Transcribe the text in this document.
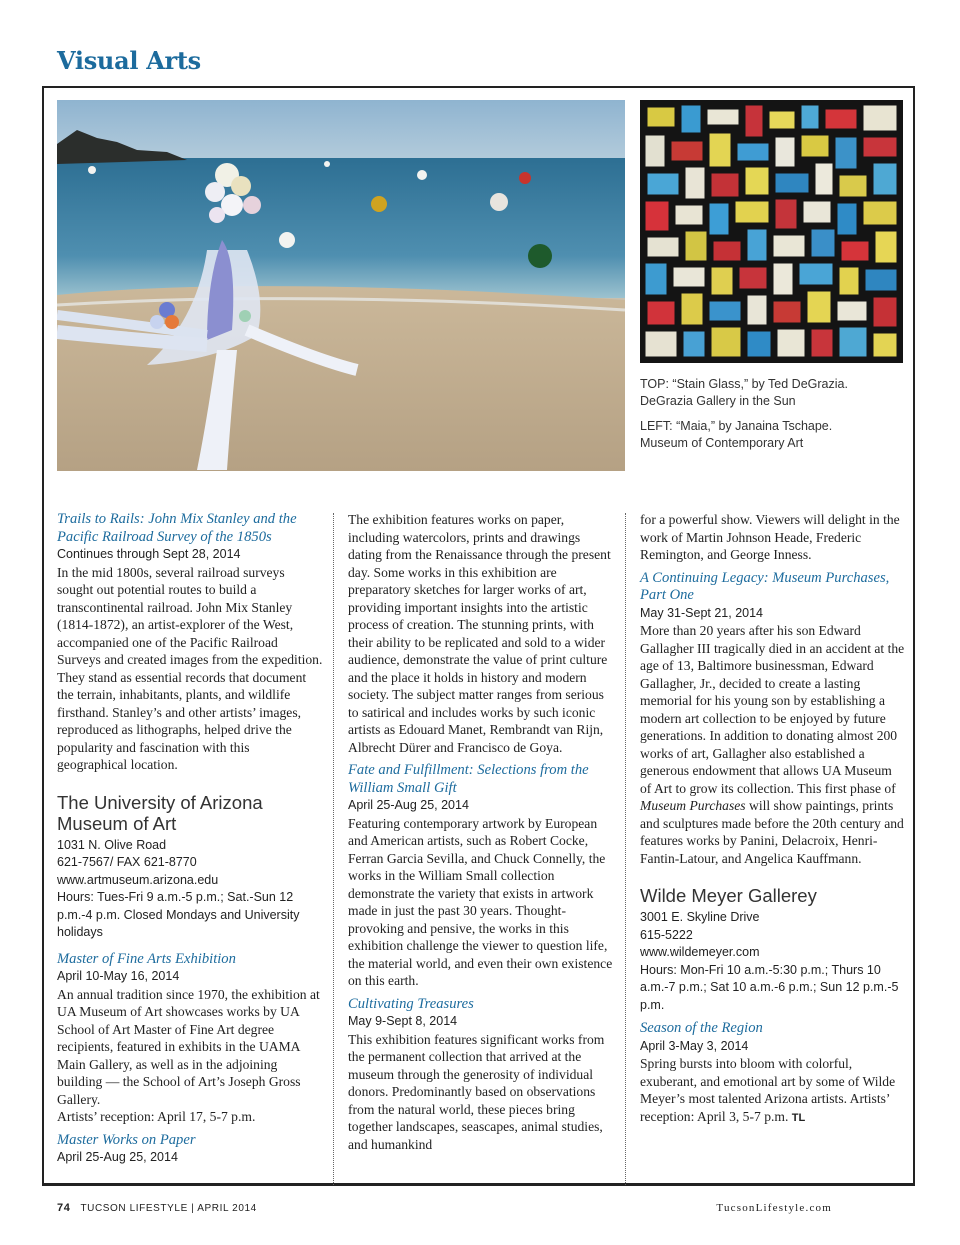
Visual Arts
TOP: “Stain Glass,” by Ted DeGrazia.
DeGrazia Gallery in the Sun
LEFT: “Maia,” by Janaina Tschape.
Museum of Contemporary Art
Trails to Rails: John Mix Stanley and the Pacific Railroad Survey of the 1850s
Continues through Sept 28, 2014

In the mid 1800s, several railroad surveys sought out potential routes to build a transcontinental railroad. John Mix Stanley (1814-1872), an artist-explorer of the West, accompanied one of the Pacific Railroad Surveys and created images from the expedition. They stand as essential records that document the terrain, inhabitants, plants, and wildlife firsthand. Stanley’s and other artists’ images, reproduced as lithographs, helped drive the popularity and fascination with this geographical location.

The University of Arizona Museum of Art
1031 N. Olive Road
621-7567/ FAX 621-8770
www.artmuseum.arizona.edu
Hours: Tues-Fri 9 a.m.-5 p.m.; Sat.-Sun 12 p.m.-4 p.m. Closed Mondays and University holidays
Master of Fine Arts Exhibition
April 10-May 16, 2014

An annual tradition since 1970, the exhibition at UA Museum of Art showcases works by UA School of Art Master of Fine Art degree recipients, featured in exhibits in the UAMA Main Gallery, as well as in the adjoining building — the School of Art’s Joseph Gross Gallery.

Artists’ reception: April 17, 5-7 p.m.

Master Works on Paper
April 25-Aug 25, 2014

The exhibition features works on paper, including watercolors, prints and drawings dating from the Renaissance through the present day. Some works in this exhibition are preparatory sketches for larger works of art, providing important insights into the artistic process of creation. The stunning prints, with their ability to be replicated and sold to a wider audience, demonstrate the value of print culture and the place it holds in history and modern society. The subject matter ranges from serious to satirical and includes works by such iconic artists as Edouard Manet, Rembrandt van Rijn, Albrecht Dürer and Francisco de Goya.

Fate and Fulfillment: Selections from the William Small Gift
April 25-Aug 25, 2014

Featuring contemporary artwork by European and American artists, such as Robert Cocke, Ferran Garcia Sevilla, and Chuck Connelly, the works in the William Small collection demonstrate the variety that exists in artwork made in just the past 30 years. Thought-provoking and pensive, the works in this exhibition challenge the viewer to question life, the material world, and even their own existence on this earth.

Cultivating Treasures
May 9-Sept 8, 2014

This exhibition features significant works from the permanent collection that arrived at the museum through the generosity of individual donors. Predominantly based on observations from the natural world, these pieces bring together landscapes, seascapes, animal studies, and humankind

for a powerful show. Viewers will delight in the work of Martin Johnson Heade, Frederic Remington, and George Inness.

A Continuing Legacy: Museum Purchases, Part One
May 31-Sept 21, 2014

More than 20 years after his son Edward Gallagher III tragically died in an accident at the age of 13, Baltimore businessman, Edward Gallagher, Jr., decided to create a lasting memorial for his young son by establishing a modern art collection to be enjoyed by future generations. In addition to donating almost 200 works of art, Gallagher also established a generous endowment that allows UA Museum of Art to grow its collection. This first phase of Museum Purchases will show paintings, prints and sculptures made before the 20th century and features works by Panini, Delacroix, Henri-Fantin-Latour, and Angelica Kauffmann.

Wilde Meyer Gallerey
3001 E. Skyline Drive
615-5222
www.wildemeyer.com
Hours: Mon-Fri 10 a.m.-5:30 p.m.; Thurs 10 a.m.-7 p.m.; Sat 10 a.m.-6 p.m.; Sun 12 p.m.-5 p.m.
Season of the Region
April 3-May 3, 2014

Spring bursts into bloom with colorful, exuberant, and emotional art by some of Wilde Meyer’s most talented Arizona artists. Artists’ reception: April 3, 5-7 p.m. TL

74 TUCSON LIFESTYLE | APRIL 2014	TucsonLifestyle.com
